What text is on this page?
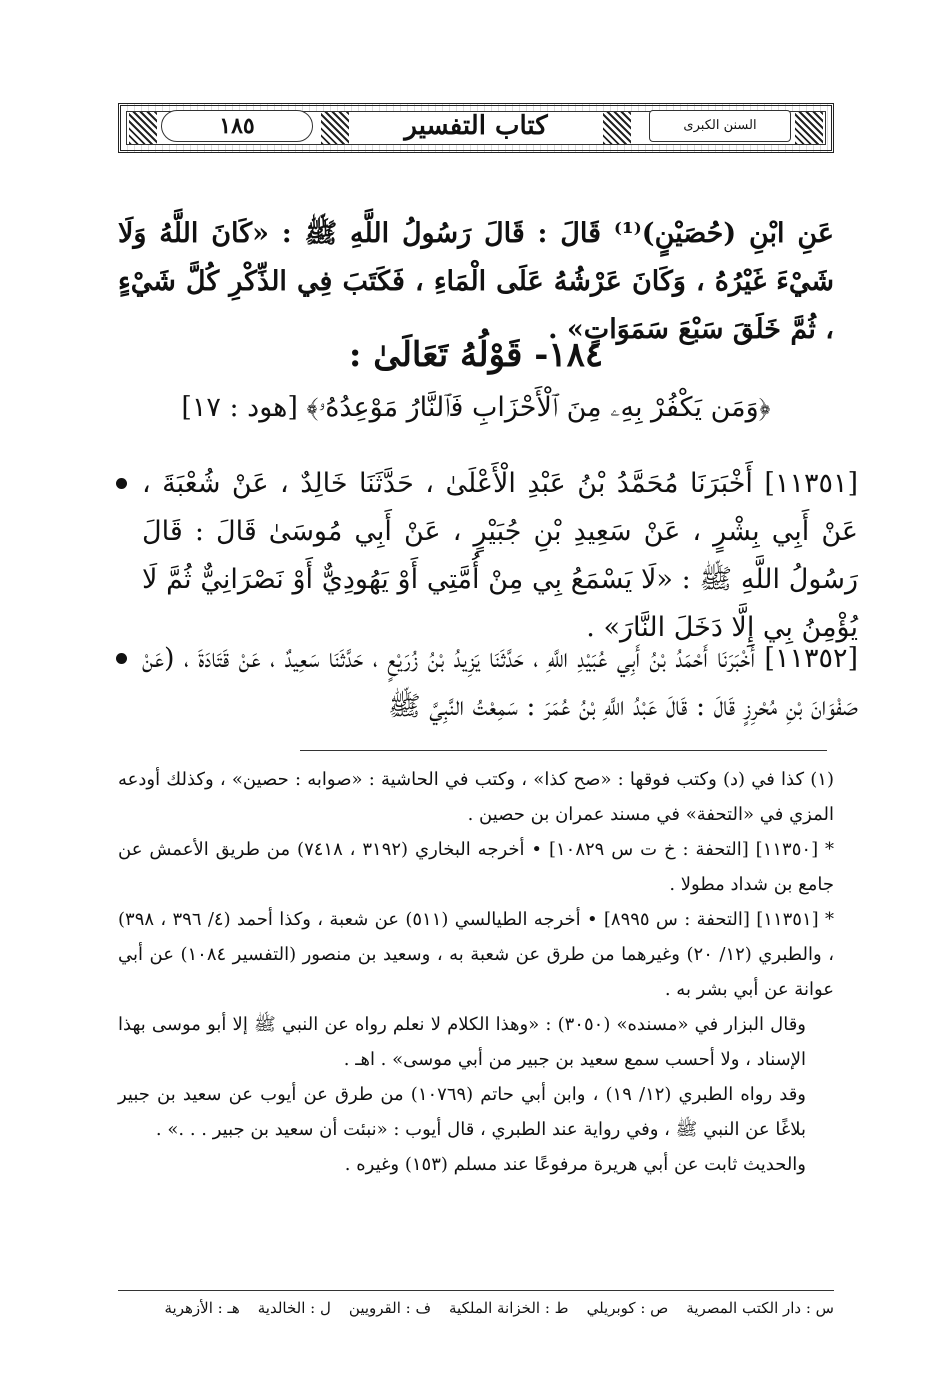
١٨٥	كتاب التفسير	السنن الكبرى
عَنِ ابْنِ (حُصَيْنٍ)⁽¹⁾ قَالَ : قَالَ رَسُولُ اللَّهِ ﷺ : «كَانَ اللَّهُ وَلَا شَيْءَ غَيْرُهُ ، وَكَانَ عَرْشُهُ عَلَى الْمَاءِ ، فَكَتَبَ فِي الذِّكْرِ كُلَّ شَيْءٍ ، ثُمَّ خَلَقَ سَبْعَ سَمَوَاتٍ» .
١٨٤- قَوْلُهُ تَعَالَىٰ :
﴿وَمَن يَكْفُرْ بِهِۦ مِنَ ٱلْأَحْزَابِ فَٱلنَّارُ مَوْعِدُهُۥ﴾ [هود : ١٧]
[١١٣٥١] أَخْبَرَنَا مُحَمَّدُ بْنُ عَبْدِ الْأَعْلَىٰ ، حَدَّثَنَا خَالِدٌ ، عَنْ شُعْبَةَ ، عَنْ أَبِي بِشْرٍ ، عَنْ سَعِيدِ بْنِ جُبَيْرٍ ، عَنْ أَبِي مُوسَىٰ قَالَ : قَالَ رَسُولُ اللَّهِ ﷺ : «لَا يَسْمَعُ بِي مِنْ أُمَّتِي أَوْ يَهُودِيٌّ أَوْ نَصْرَانِيٌّ ثُمَّ لَا يُؤْمِنُ بِي إِلَّا دَخَلَ النَّارَ» .
[١١٣٥٢] أَخْبَرَنَا أَحْمَدُ بْنُ أَبِي عُبَيْدِ اللَّهِ ، حَدَّثَنَا يَزِيدُ بْنُ زُرَيْعٍ ، حَدَّثَنَا سَعِيدٌ ، عَنْ قَتَادَةَ ، (عَنْ صَفْوَانَ بْنِ مُحْرِزٍ قَالَ : قَالَ عَبْدُ اللَّهِ بْنُ عُمَرَ : سَمِعْتُ النَّبِيَّ ﷺ

(١) كذا في (د) وكتب فوقها : «صح كذا» ، وكتب في الحاشية : «صوابه : حصين» ، وكذلك أودعه المزي في «التحفة» في مسند عمران بن حصين .

* [١١٣٥٠] [التحفة : خ ت س ١٠٨٢٩] • أخرجه البخاري (٣١٩٢ ، ٧٤١٨) من طريق الأعمش عن جامع بن شداد مطولا .

* [١١٣٥١] [التحفة : س ٨٩٩٥] • أخرجه الطيالسي (٥١١) عن شعبة ، وكذا أحمد (٤/ ٣٩٦ ، ٣٩٨) ، والطبري (١٢/ ٢٠) وغيرهما من طرق عن شعبة به ، وسعيد بن منصور (التفسير ١٠٨٤) عن أبي عوانة عن أبي بشر به .

وقال البزار في «مسنده» (٣٠٥٠) : «وهذا الكلام لا نعلم رواه عن النبي ﷺ إلا أبو موسى بهذا الإسناد ، ولا أحسب سمع سعيد بن جبير من أبي موسى» . اهـ .

وقد رواه الطبري (١٢/ ١٩) ، وابن أبي حاتم (١٠٧٦٩) من طرق عن أيوب عن سعيد بن جبير بلاغًا عن النبي ﷺ ، وفي رواية عند الطبري ، قال أيوب : «نبئت أن سعيد بن جبير . . .» .

والحديث ثابت عن أبي هريرة مرفوعًا عند مسلم (١٥٣) وغيره .

س : دار الكتب المصرية
ص : كوبريلي
ط : الخزانة الملكية
ف : القرويين
ل : الخالدية
هـ : الأزهرية
